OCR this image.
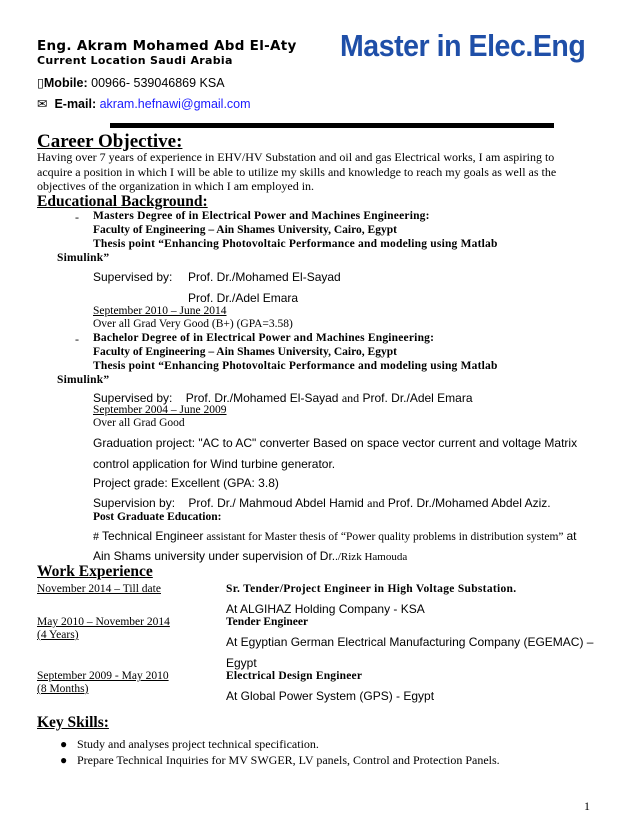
Eng. Akram Mohamed Abd El-Aty
Current Location Saudi Arabia	Master in Elec.Eng
▯Mobile: 00966- 539046869 KSA
✉ E-mail: akram.hefnawi@gmail.com
Career Objective:
Having over 7 years of experience in EHV/HV Substation and oil and gas Electrical works, I am aspiring to
acquire a position in which I will be able to utilize my skills and knowledge to reach my goals as well as the
objectives of the organization in which I am employed in.
Educational Background:
- Masters Degree of in Electrical Power and Machines Engineering:
Faculty of Engineering – Ain Shames University, Cairo, Egypt
Thesis point “Enhancing Photovoltaic Performance and modeling using Matlab
Simulink”
Supervised by: Prof. Dr./Mohamed El-Sayad
Prof. Dr./Adel Emara
September 2010 – June 2014
Over all Grad Very Good (B+) (GPA=3.58)
- Bachelor Degree of in Electrical Power and Machines Engineering:
Faculty of Engineering – Ain Shames University, Cairo, Egypt
Thesis point “Enhancing Photovoltaic Performance and modeling using Matlab
Simulink”
Supervised by: Prof. Dr./Mohamed El-Sayad and Prof. Dr./Adel Emara
September 2004 – June 2009
Over all Grad Good
Graduation project: "AC to AC" converter Based on space vector current and voltage Matrix
control application for Wind turbine generator.
Project grade: Excellent (GPA: 3.8)
Supervision by: Prof. Dr./ Mahmoud Abdel Hamid and Prof. Dr./Mohamed Abdel Aziz.
Post Graduate Education:
# Technical Engineer assistant for Master thesis of “Power quality problems in distribution system” at
Ain Shams university under supervision of Dr../Rizk Hamouda
Work Experience
November 2014 – Till date	Sr. Tender/Project Engineer in High Voltage Substation.
At ALGIHAZ Holding Company - KSA
May 2010 – November 2014
(4 Years)
Tender Engineer
At Egyptian German Electrical Manufacturing Company (EGEMAC) –
Egypt
September 2009 - May 2010
(8 Months)
Electrical Design Engineer
At Global Power System (GPS) - Egypt
Key Skills:
● Study and analyses project technical specification.
● Prepare Technical Inquiries for MV SWGER, LV panels, Control and Protection Panels.
1
